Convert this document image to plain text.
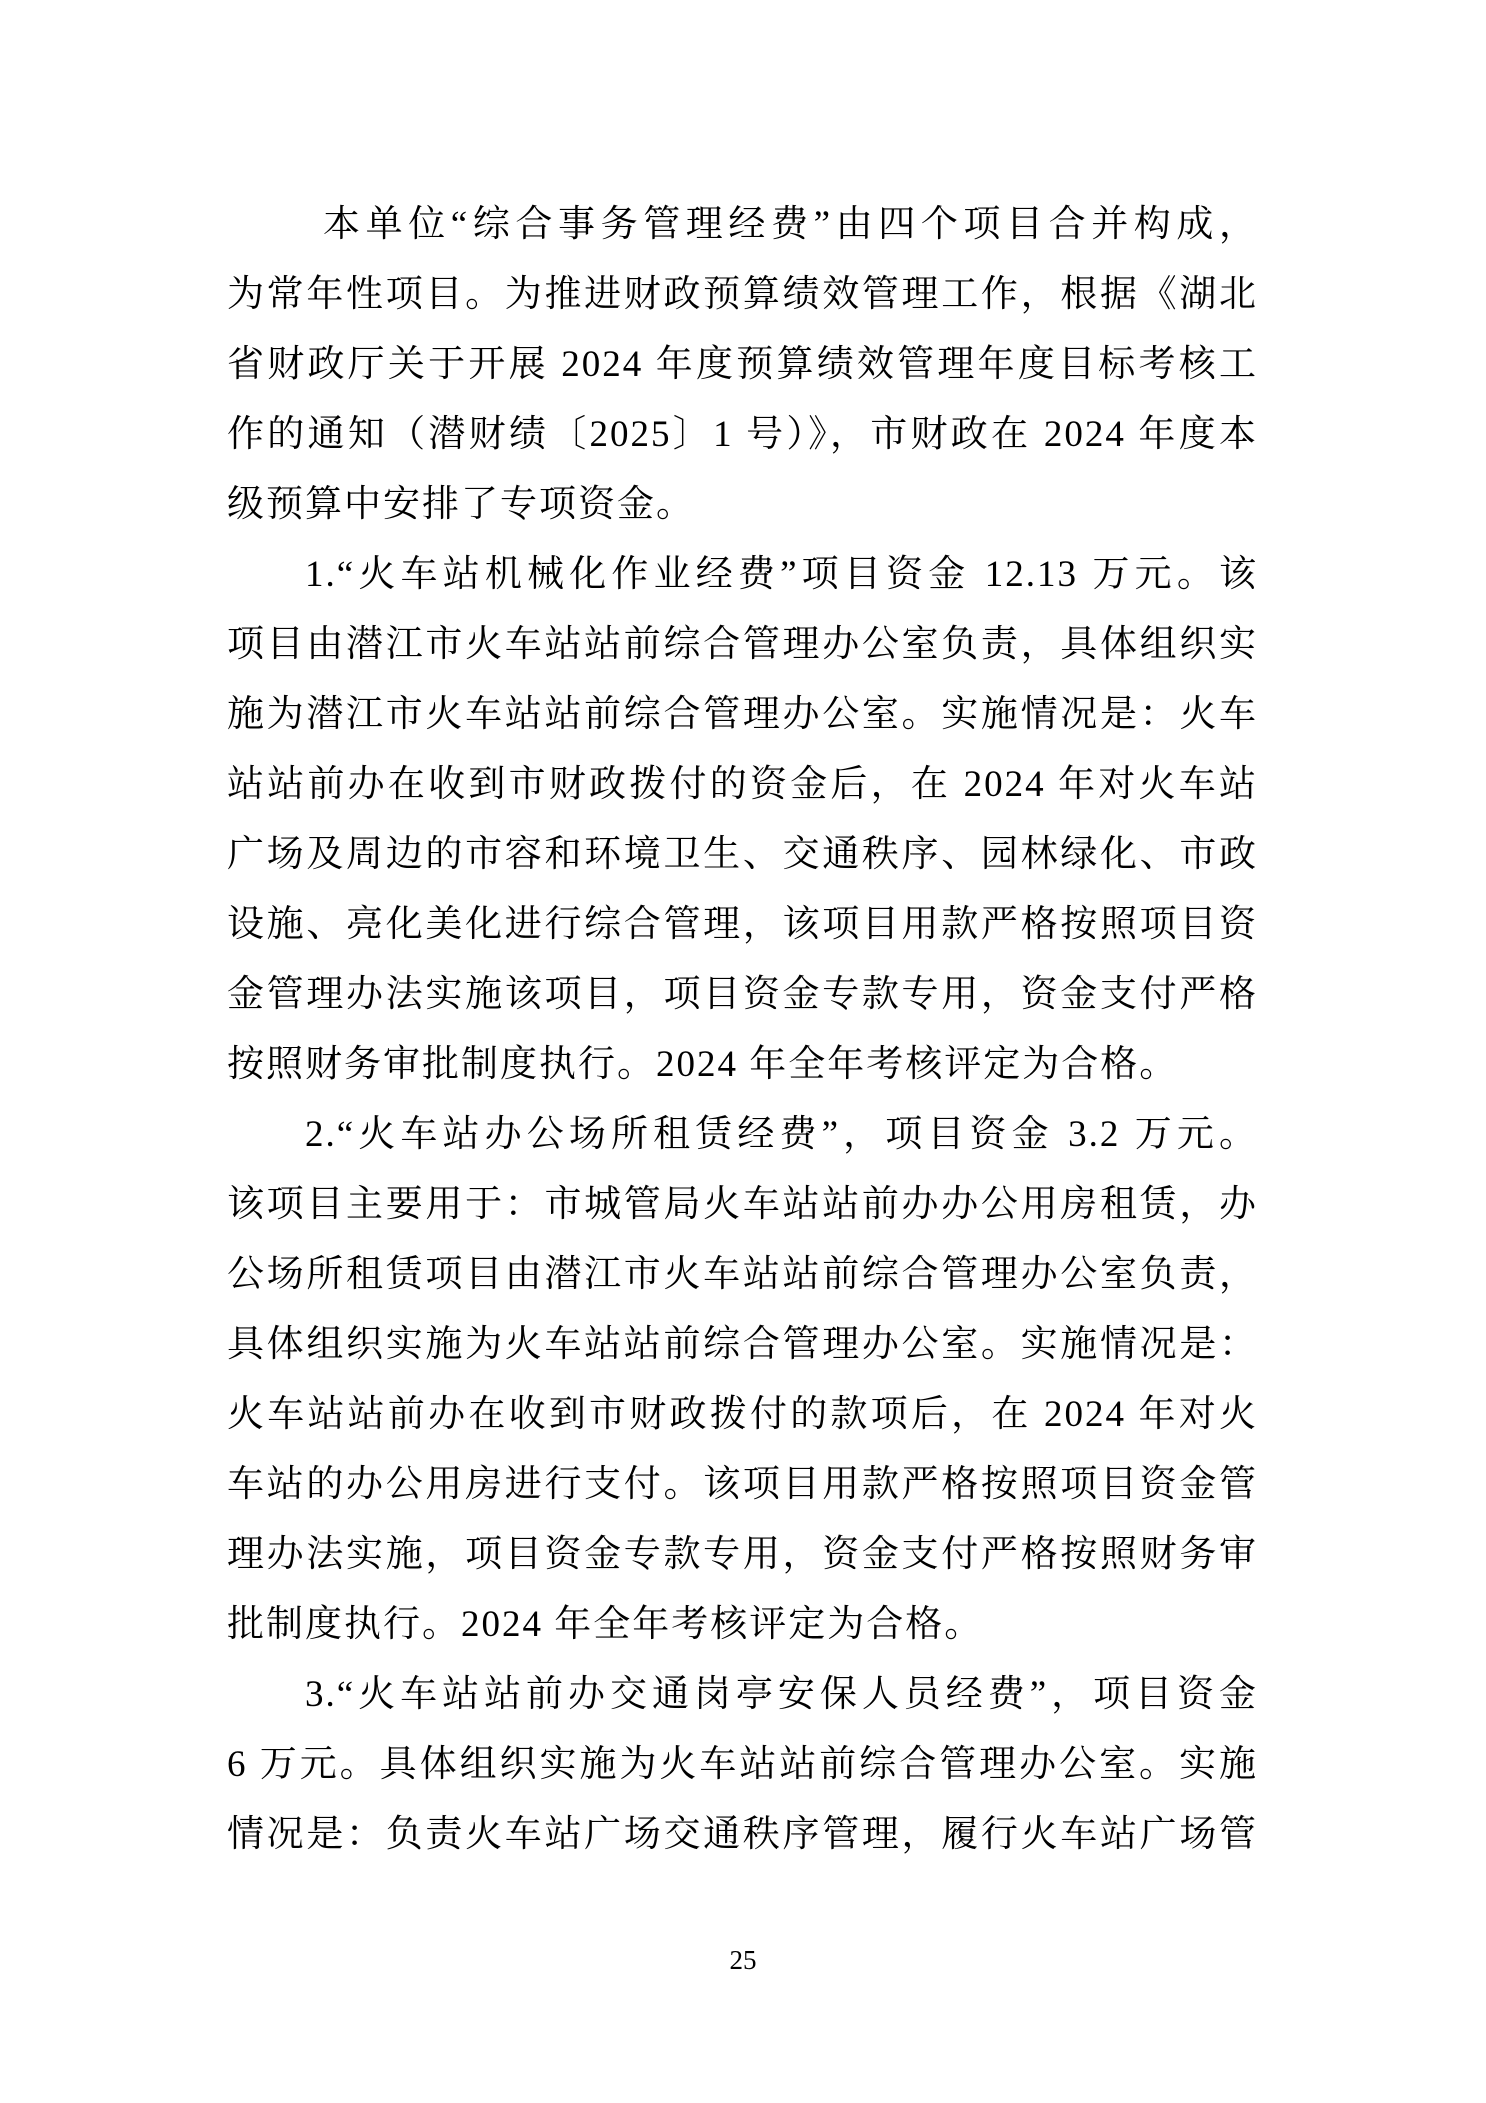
本单位“综合事务管理经费”由四个项目合并构成，
为常年性项目。为推进财政预算绩效管理工作，根据《湖北
省财政厅关于开展 2024 年度预算绩效管理年度目标考核工
作的通知（潜财绩〔2025〕1 号）》，市财政在 2024 年度本
级预算中安排了专项资金。
1.“火车站机械化作业经费”项目资金 12.13 万元。该
项目由潜江市火车站站前综合管理办公室负责，具体组织实
施为潜江市火车站站前综合管理办公室。实施情况是：火车
站站前办在收到市财政拨付的资金后，在 2024 年对火车站
广场及周边的市容和环境卫生、交通秩序、园林绿化、市政
设施、亮化美化进行综合管理，该项目用款严格按照项目资
金管理办法实施该项目，项目资金专款专用，资金支付严格
按照财务审批制度执行。2024 年全年考核评定为合格。
2.“火车站办公场所租赁经费”，项目资金 3.2 万元。
该项目主要用于：市城管局火车站站前办办公用房租赁，办
公场所租赁项目由潜江市火车站站前综合管理办公室负责，
具体组织实施为火车站站前综合管理办公室。实施情况是：
火车站站前办在收到市财政拨付的款项后，在 2024 年对火
车站的办公用房进行支付。该项目用款严格按照项目资金管
理办法实施，项目资金专款专用，资金支付严格按照财务审
批制度执行。2024 年全年考核评定为合格。
3.“火车站站前办交通岗亭安保人员经费”，项目资金
6 万元。具体组织实施为火车站站前综合管理办公室。实施
情况是：负责火车站广场交通秩序管理，履行火车站广场管
25
